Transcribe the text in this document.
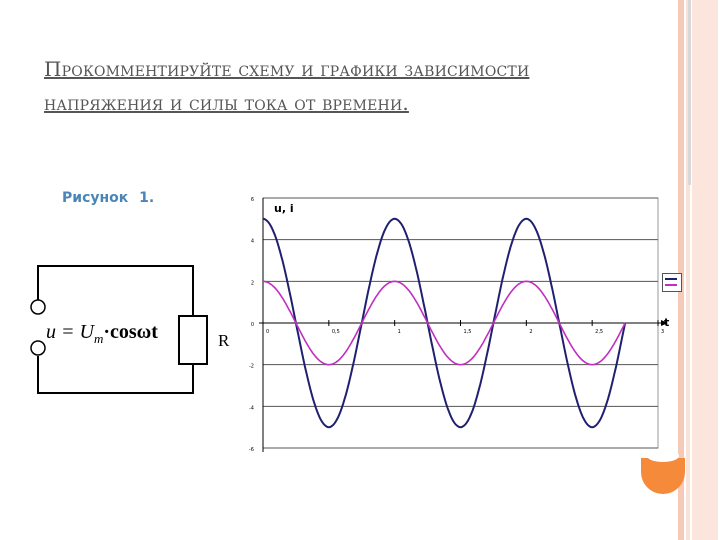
Прокомментируйте схему и графики зависимости напряжения и силы тока от времени.
Рисунок 1.
R
$u = U_m\cdot\cos\omega t$
6
4
2
0
-2
-4
-6
0	0,5	1	1,5	2	2,5	3
u, i
t
